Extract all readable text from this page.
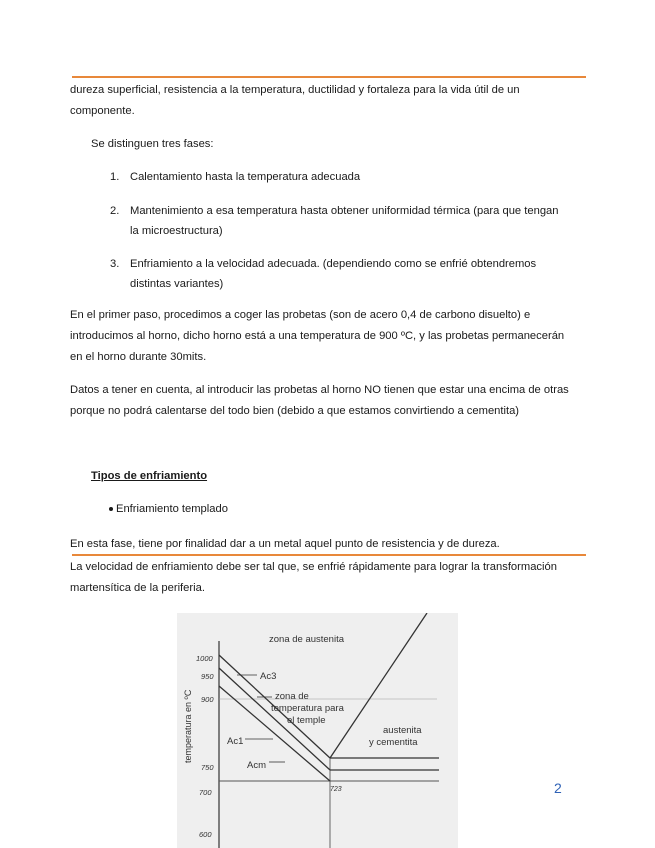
dureza superficial, resistencia a la temperatura, ductilidad y fortaleza para la vida útil de un componente.

Se distinguen tres fases:

1. Calentamiento hasta la temperatura adecuada
2. Mantenimiento a esa temperatura hasta obtener uniformidad térmica (para que tengan la microestructura)
3. Enfriamiento a la velocidad adecuada. (dependiendo como se enfrié obtendremos distintas variantes)

En el primer paso, procedimos a coger las probetas (son de acero 0,4 de carbono disuelto) e introducimos al horno, dicho horno está a una temperatura de 900 ºC, y las probetas permanecerán en el horno durante 30mits.

Datos a tener en cuenta, al introducir las probetas al horno NO tienen que estar una encima de otras porque no podrá calentarse del todo bien (debido a que estamos convirtiendo a cementita)

Tipos de enfriamiento
Enfriamiento templado

En esta fase, tiene por finalidad dar a un metal aquel punto de resistencia y de dureza.

La velocidad de enfriamiento debe ser tal que, se enfrié rápidamente para lograr la transformación martensítica de la periferia.

1000
950
900
750
700
600
723
temperatura en ºC
zona de austenita
Ac3
zona de
temperatura para
el temple
Ac1
Acm
austenita
y cementita
2
